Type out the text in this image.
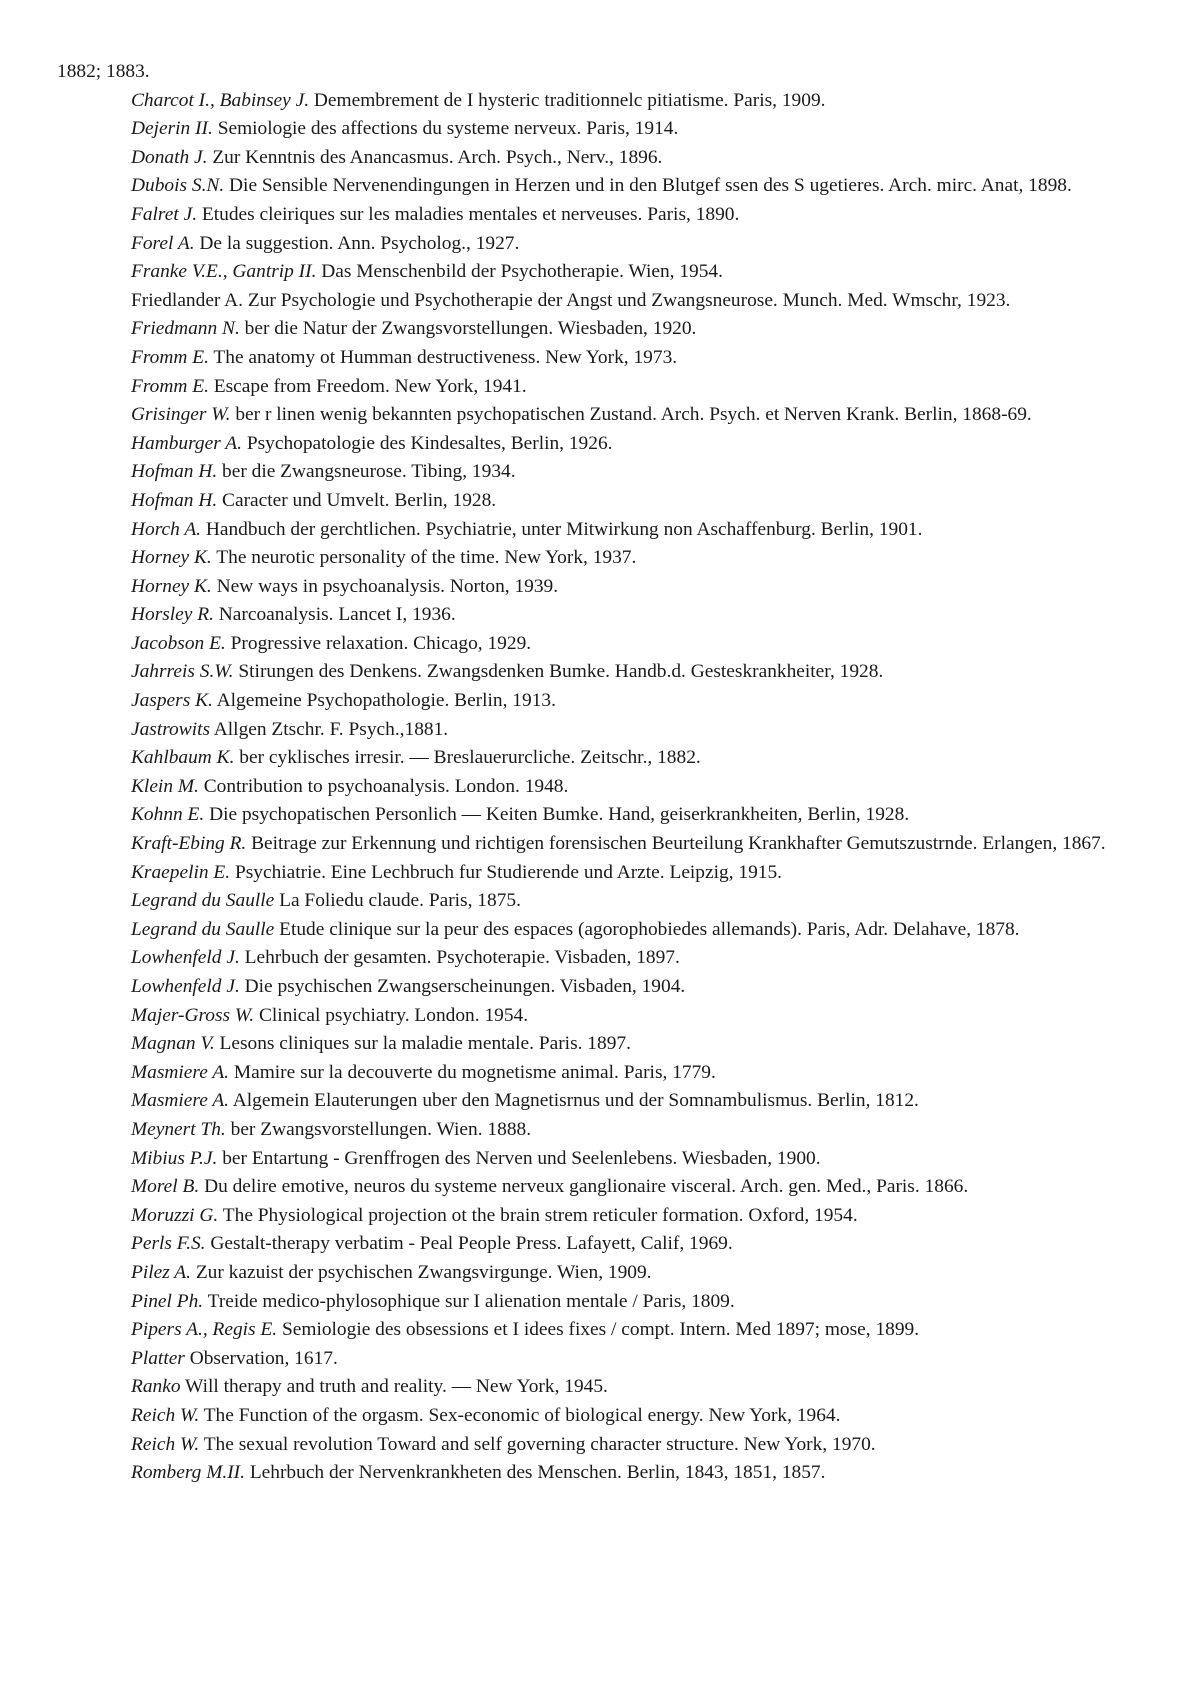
1882; 1883.

Charcot I., Babinsey J. Demembrement de I hysteric traditionnelc pitiatisme. Paris, 1909.

Dejerin II. Semiologie des affections du systeme nerveux. Paris, 1914.

Donath J. Zur Kenntnis des Anancasmus. Arch. Psych., Nerv., 1896.

Dubois S.N. Die Sensible Nervenendingungen in Herzen und in den Blutgef ssen des S ugetieres. Arch. mirc. Anat, 1898.

Falret J. Etudes cleiriques sur les maladies mentales et nerveuses. Paris, 1890.

Forel A. De la suggestion. Ann. Psycholog., 1927.

Franke V.E., Gantrip II. Das Menschenbild der Psychotherapie. Wien, 1954.

Friedlander A. Zur Psychologie und Psychotherapie der Angst und Zwangsneurose. Munch. Med. Wmschr, 1923.

Friedmann N. ber die Natur der Zwangsvorstellungen. Wiesbaden, 1920.

Fromm E. The anatomy ot Humman destructiveness. New York, 1973.

Fromm E. Escape from Freedom. New York, 1941.

Grisinger W. ber r linen wenig bekannten psychopatischen Zustand. Arch. Psych. et Nerven Krank. Berlin, 1868-69.

Hamburger A. Psychopatologie des Kindesaltes, Berlin, 1926.

Hofman H. ber die Zwangsneurose. Tibing, 1934.

Hofman H. Caracter und Umvelt. Berlin, 1928.

Horch A. Handbuch der gerchtlichen. Psychiatrie, unter Mitwirkung non Aschaffenburg. Berlin, 1901.

Horney K. The neurotic personality of the time. New York, 1937.

Horney K. New ways in psychoanalysis. Norton, 1939.

Horsley R. Narcoanalysis. Lancet I, 1936.

Jacobson E. Progressive relaxation. Chicago, 1929.

Jahrreis S.W. Stirungen des Denkens. Zwangsdenken Bumke. Handb.d. Gesteskrankheiter, 1928.

Jaspers K. Algemeine Psychopathologie. Berlin, 1913.

Jastrowits Allgen Ztschr. F. Psych.,1881.

Kahlbaum K. ber cyklisches irresir. — Breslauerurcliche. Zeitschr., 1882.

Klein M. Contribution to psychoanalysis. London. 1948.

Kohnn E. Die psychopatischen Personlich — Keiten Bumke. Hand, geiserkrankheiten, Berlin, 1928.

Kraft-Ebing R. Beitrage zur Erkennung und richtigen forensischen Beurteilung Krankhafter Gemutszustrnde. Erlangen, 1867.

Kraepelin E. Psychiatrie. Eine Lechbruch fur Studierende und Arzte. Leipzig, 1915.

Legrand du Saulle La Foliedu claude. Paris, 1875.

Legrand du Saulle Etude clinique sur la peur des espaces (agorophobiedes allemands). Paris, Adr. Delahave, 1878.

Lowhenfeld J. Lehrbuch der gesamten. Psychoterapie. Visbaden, 1897.

Lowhenfeld J. Die psychischen Zwangserscheinungen. Visbaden, 1904.

Majer-Gross W. Clinical psychiatry. London. 1954.

Magnan V. Lesons cliniques sur la maladie mentale. Paris. 1897.

Masmiere A. Mamire sur la decouverte du mognetisme animal. Paris, 1779.

Masmiere A. Algemein Elauterungen uber den Magnetisrnus und der Somnambulismus. Berlin, 1812.

Meynert Th. ber Zwangsvorstellungen. Wien. 1888.

Mibius P.J. ber Entartung - Grenffrogen des Nerven und Seelenlebens. Wiesbaden, 1900.

Morel B. Du delire emotive, neuros du systeme nerveux ganglionaire visceral. Arch. gen. Med., Paris. 1866.

Moruzzi G. The Physiological projection ot the brain strem reticuler formation. Oxford, 1954.

Perls F.S. Gestalt-therapy verbatim - Peal People Press. Lafayett, Calif, 1969.

Pilez A. Zur kazuist der psychischen Zwangsvirgunge. Wien, 1909.

Pinel Ph. Treide medico-phylosophique sur I alienation mentale / Paris, 1809.

Pipers A., Regis E. Semiologie des obsessions et I idees fixes / compt. Intern. Med 1897; mose, 1899.

Platter Observation, 1617.

Ranko Will therapy and truth and reality. — New York, 1945.

Reich W. The Function of the orgasm. Sex-economic of biological energy. New York, 1964.

Reich W. The sexual revolution Toward and self governing character structure. New York, 1970.

Romberg M.II. Lehrbuch der Nervenkrankheten des Menschen. Berlin, 1843, 1851, 1857.
